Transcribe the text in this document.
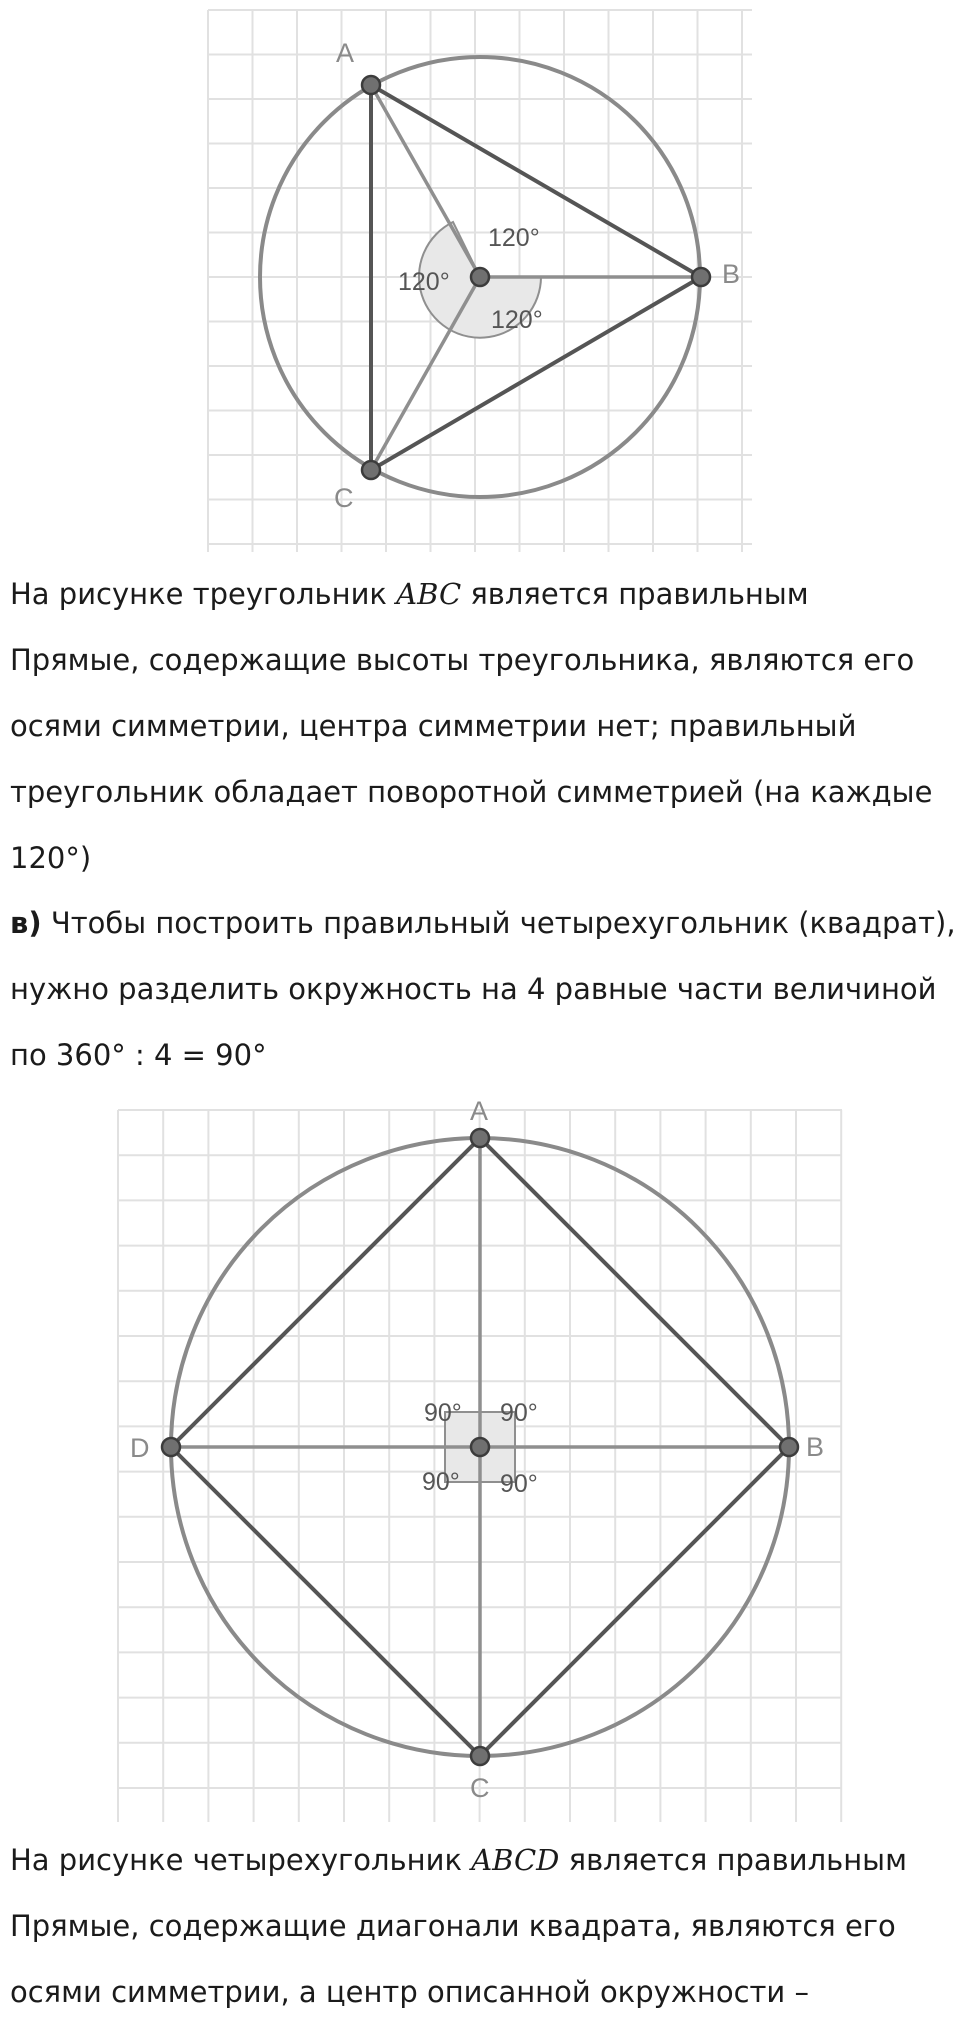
120°
120°
120°
A
B
C
На рисунке треугольник ABC является правильным
Прямые, содержащие высоты треугольника, являются его
осями симметрии, центра симметрии нет; правильный
треугольник обладает поворотной симметрией (на каждые
120°)
в) Чтобы построить правильный четырехугольник (квадрат),
нужно разделить окружность на 4 равные части величиной
по 360° : 4 = 90°
90° 90°
90° 90°
A
B
C
D
На рисунке четырехугольник ABCD является правильным
Прямые, содержащие диагонали квадрата, являются его
осями симметрии, а центр описанной окружности –
